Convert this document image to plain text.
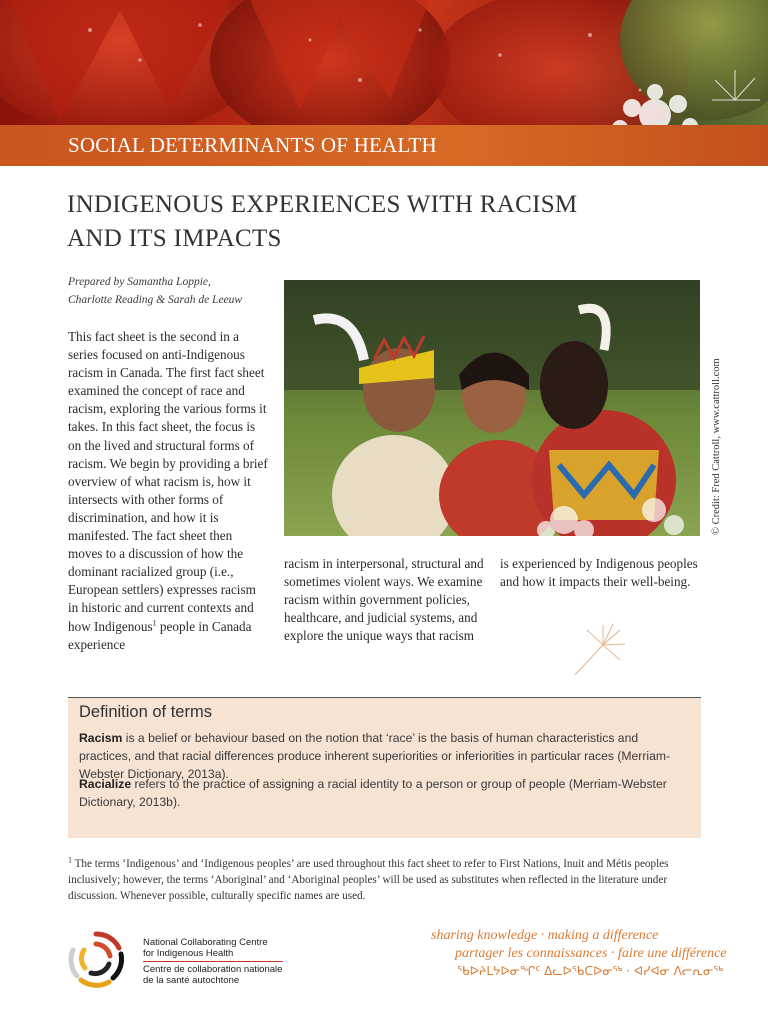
SOCIAL DETERMINANTS OF HEALTH
INDIGENOUS EXPERIENCES WITH RACISM
AND ITS IMPACTS
Prepared by Samantha Loppie,
Charlotte Reading & Sarah de Leeuw
This fact sheet is the second in a series focused on anti-Indigenous racism in Canada. The first fact sheet examined the concept of race and racism, exploring the various forms it takes. In this fact sheet, the focus is on the lived and structural forms of racism. We begin by providing a brief overview of what racism is, how it intersects with other forms of discrimination, and how it is manifested. The fact sheet then moves to a discussion of how the dominant racialized group (i.e., European settlers) expresses racism in historic and current contexts and how Indigenous$^1$ people in Canada experience
racism in interpersonal, structural and sometimes violent ways. We examine racism within government policies, healthcare, and judicial systems, and explore the unique ways that racism
is experienced by Indigenous peoples and how it impacts their well-being.
© Credit: Fred Cattroll, www.cattroll.com
Definition of terms
Racism is a belief or behaviour based on the notion that ‘race’ is the basis of human characteristics and practices, and that racial differences produce inherent superiorities or inferiorities in particular races (Merriam-Webster Dictionary, 2013a).
Racialize refers to the practice of assigning a racial identity to a person or group of people (Merriam-Webster Dictionary, 2013b).
$^1$ The terms ‘Indigenous’ and ‘Indigenous peoples’ are used throughout this fact sheet to refer to First Nations, Inuit and Métis peoples inclusively; however, the terms ‘Aboriginal’ and ‘Aboriginal peoples’ will be used as substitutes when reflected in the literature under discussion. Whenever possible, culturally specific names are used.
National Collaborating Centre
for Indigenous Health
Centre de collaboration nationale
de la santé autochtone
sharing knowledge · making a difference
partager les connaissances · faire une différence
ᖃᐅᔨᒪᔭᐅᓂᖏᑦ ᐃᓚᐅᖃᑕᐅᓂᖅ · ᐊᓯᐊᓂ ᐱᓕᕆᓂᖅ
